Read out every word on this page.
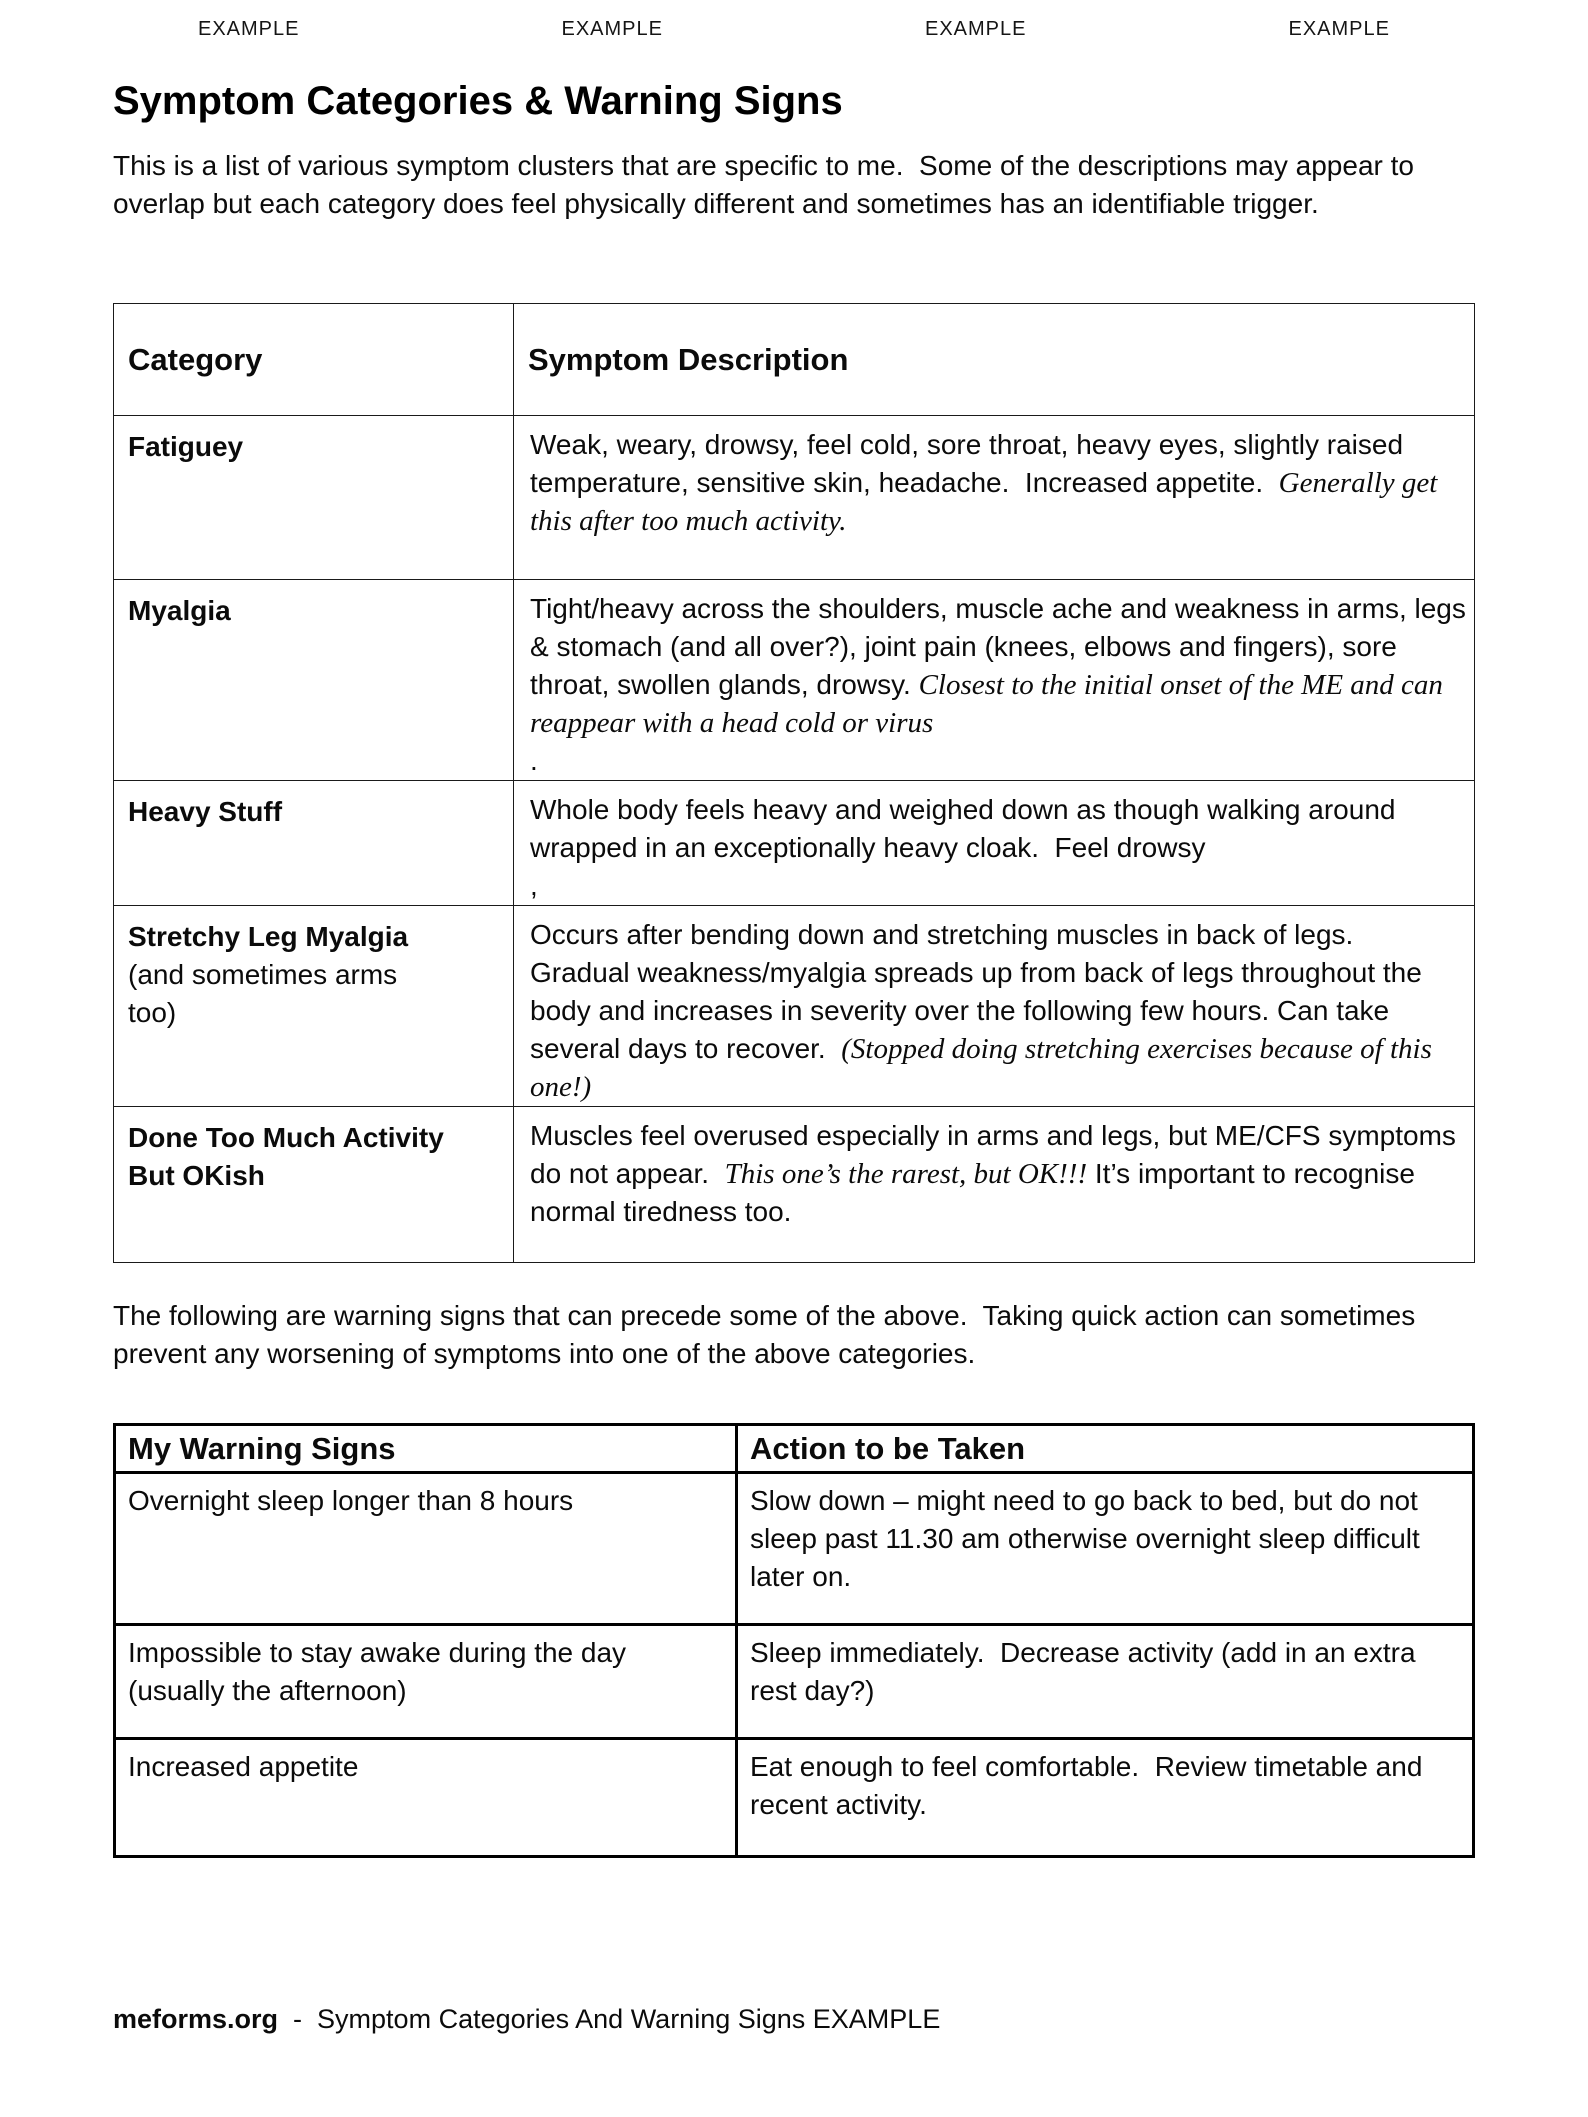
EXAMPLE	EXAMPLE	EXAMPLE	EXAMPLE
Symptom Categories & Warning Signs

This is a list of various symptom clusters that are specific to me.  Some of the descriptions may appear to overlap but each category does feel physically different and sometimes has an identifiable trigger.

Category	Symptom Description
Fatiguey	Weak, weary, drowsy, feel cold, sore throat, heavy eyes, slightly raised temperature, sensitive skin, headache.  Increased appetite.  Generally get this after too much activity.

Myalgia	Tight/heavy across the shoulders, muscle ache and weakness in arms, legs & stomach (and all over?), joint pain (knees, elbows and fingers), sore throat, swollen glands, drowsy. Closest to the initial onset of the ME and can reappear with a head cold or virus
.

Heavy Stuff	Whole body feels heavy and weighed down as though walking around wrapped in an exceptionally heavy cloak.  Feel drowsy
,

Stretchy Leg Myalgia
(and sometimes arms too)	Occurs after bending down and stretching muscles in back of legs.  Gradual weakness/myalgia spreads up from back of legs throughout the body and increases in severity over the following few hours. Can take several days to recover.  (Stopped doing stretching exercises because of this one!)

Done Too Much Activity But OKish	Muscles feel overused especially in arms and legs, but ME/CFS symptoms do not appear.  This one’s the rarest, but OK!!! It’s important to recognise normal tiredness too.

The following are warning signs that can precede some of the above.  Taking quick action can sometimes prevent any worsening of symptoms into one of the above categories.

My Warning Signs	Action to be Taken
Overnight sleep longer than 8 hours	Slow down – might need to go back to bed, but do not sleep past 11.30 am otherwise overnight sleep difficult later on.
Impossible to stay awake during the day (usually the afternoon)	Sleep immediately.  Decrease activity (add in an extra rest day?)
Increased appetite	Eat enough to feel comfortable.  Review timetable and recent activity.
meforms.org  -  Symptom Categories And Warning Signs EXAMPLE
